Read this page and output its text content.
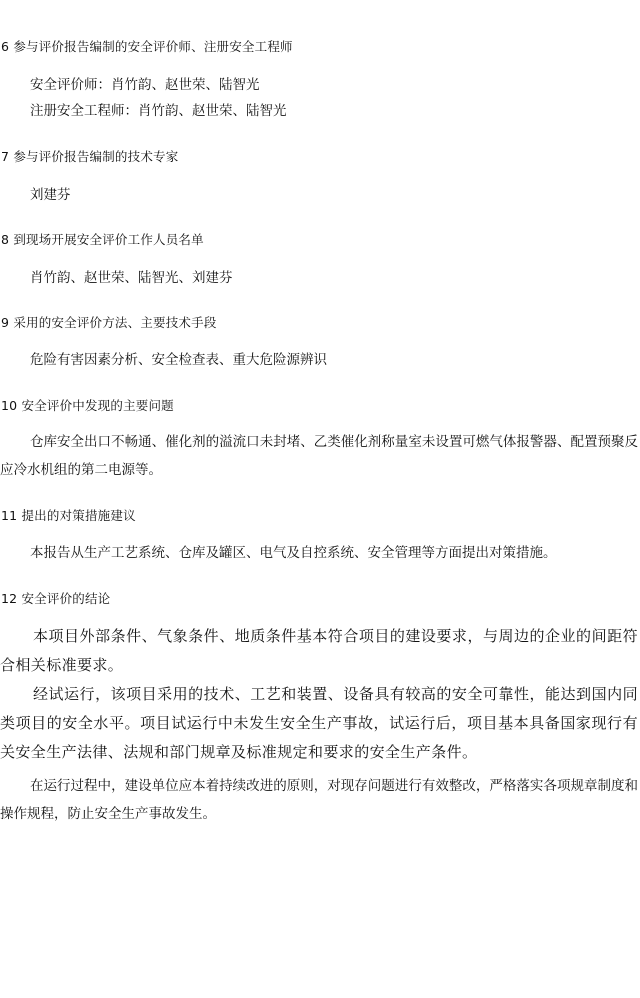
6 参与评价报告编制的安全评价师、注册安全工程师
安全评价师：肖竹韵、赵世荣、陆智光
注册安全工程师：肖竹韵、赵世荣、陆智光
7 参与评价报告编制的技术专家
刘建芬
8 到现场开展安全评价工作人员名单
肖竹韵、赵世荣、陆智光、刘建芬
9 采用的安全评价方法、主要技术手段
危险有害因素分析、安全检查表、重大危险源辨识
10 安全评价中发现的主要问题

仓库安全出口不畅通、催化剂的溢流口未封堵、乙类催化剂称量室未设置可燃气体报警器、配置预聚反应冷水机组的第二电源等。

11 提出的对策措施建议
本报告从生产工艺系统、仓库及罐区、电气及自控系统、安全管理等方面提出对策措施。
12 安全评价的结论

本项目外部条件、气象条件、地质条件基本符合项目的建设要求，与周边的企业的间距符合相关标准要求。

经试运行，该项目采用的技术、工艺和装置、设备具有较高的安全可靠性，能达到国内同类项目的安全水平。项目试运行中未发生安全生产事故，试运行后，项目基本具备国家现行有关安全生产法律、法规和部门规章及标准规定和要求的安全生产条件。

在运行过程中，建设单位应本着持续改进的原则，对现存问题进行有效整改，严格落实各项规章制度和操作规程，防止安全生产事故发生。
